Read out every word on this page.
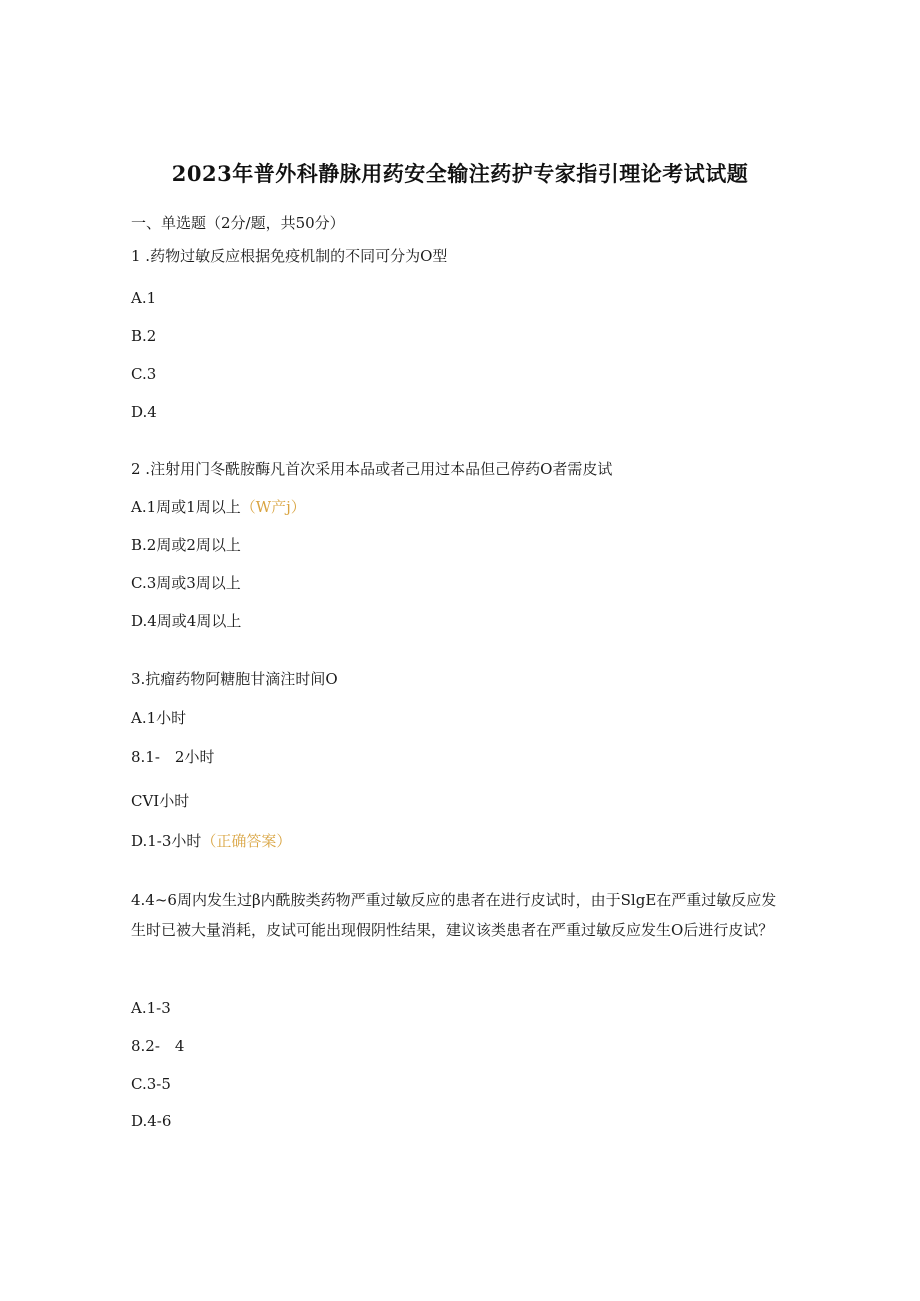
2023年普外科静脉用药安全输注药护专家指引理论考试试题
一、单选题（2分/题，共50分）
1 .药物过敏反应根据免疫机制的不同可分为O型
A.1
B.2
C.3
D.4
2 .注射用门冬酰胺酶凡首次采用本品或者己用过本品但己停药O者需皮试
A.1周或1周以上（W产j）
B.2周或2周以上
C.3周或3周以上
D.4周或4周以上
3.抗瘤药物阿糖胞甘滴注时间O
A.1小时
8.1-　2小时
CVI小时
D.1-3小时（正确答案）
4.4~6周内发生过β内酰胺类药物严重过敏反应的患者在进行皮试时，由于SlgE在严重过敏反应发生时已被大量消耗，皮试可能出现假阴性结果，建议该类患者在严重过敏反应发生O后进行皮试？
A.1-3
8.2-　4
C.3-5
D.4-6
